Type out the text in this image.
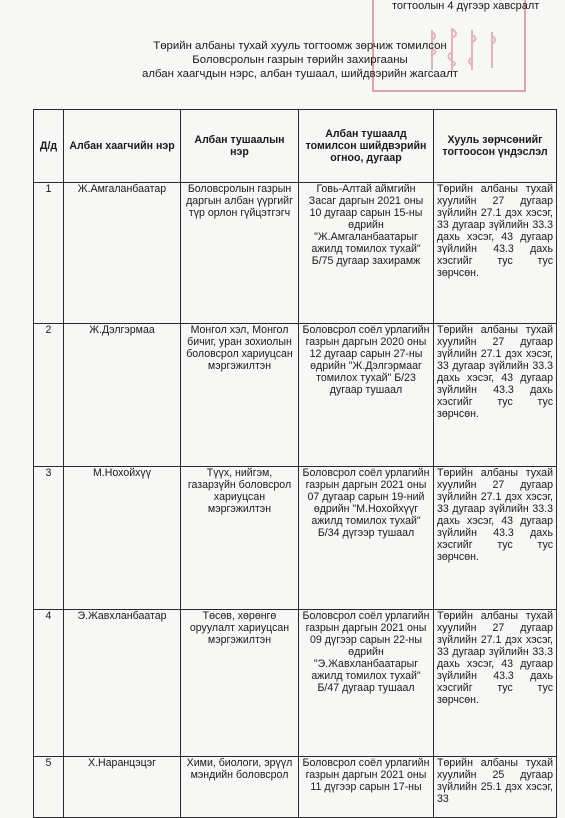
тогтоолын 4 дүгээр хавсралт
Төрийн албаны тухай хууль тогтоомж зөрчиж томилсон
Боловсролын газрын төрийн захиргааны
албан хаагчдын нэрс, албан тушаал, шийдвэрийн жагсаалт
Д/д	Албан хаагчийн нэр	Албан тушаалын нэр	Албан тушаалд томилсон шийдвэрийн огноо, дугаар	Хууль зөрчсөнийг тогтоосон үндэслэл
1	Ж.Амгаланбаатар	Боловсролын газрын даргын албан үүргийг түр орлон гүйцэтгэгч	Говь-Алтай аймгийн Засаг даргын 2021 оны 10 дугаар сарын 15-ны өдрийн "Ж.Амгаланбаатарыг ажилд томилох тухай" Б/75 дугаар захирамж	Төрийн албаны тухай хуулийн 27 дугаар зүйлийн 27.1 дэх хэсэг, 33 дугаар зүйлийн 33.3 дахь хэсэг, 43 дугаар зүйлийн 43.3 дахь хэсгийг тус тус зөрчсөн.
2	Ж.Дэлгэрмаа	Монгол хэл, Монгол бичиг, уран зохиолын боловсрол хариуцсан мэргэжилтэн	Боловсрол соёл урлагийн газрын даргын 2020 оны 12 дугаар сарын 27-ны өдрийн "Ж.Дэлгэрмааг томилох тухай" Б/23 дугаар тушаал	Төрийн албаны тухай хуулийн 27 дугаар зүйлийн 27.1 дэх хэсэг, 33 дугаар зүйлийн 33.3 дахь хэсэг, 43 дугаар зүйлийн 43.3 дахь хэсгийг тус тус зөрчсөн.
3	М.Нохойхүү	Түүх, нийгэм, газарзүйн боловсрол хариуцсан мэргэжилтэн	Боловсрол соёл урлагийн газрын даргын 2021 оны 07 дугаар сарын 19-ний өдрийн "М.Нохойхүүг ажилд томилох тухай" Б/34 дүгээр тушаал	Төрийн албаны тухай хуулийн 27 дугаар зүйлийн 27.1 дэх хэсэг, 33 дугаар зүйлийн 33.3 дахь хэсэг, 43 дугаар зүйлийн 43.3 дахь хэсгийг тус тус зөрчсөн.
4	Э.Жавхланбаатар	Төсөв, хөрөнгө оруулалт хариуцсан мэргэжилтэн	Боловсрол соёл урлагийн газрын даргын 2021 оны 09 дүгээр сарын 22-ны өдрийн "Э.Жавхланбаатарыг ажилд томилох тухай" Б/47 дугаар тушаал	Төрийн албаны тухай хуулийн 27 дугаар зүйлийн 27.1 дэх хэсэг, 33 дугаар зүйлийн 33.3 дахь хэсэг, 43 дугаар зүйлийн 43.3 дахь хэсгийг тус тус зөрчсөн.
5	Х.Наранцэцэг	Хими, биологи, эрүүл мэндийн боловсрол	Боловсрол соёл урлагийн газрын даргын 2021 оны 11 дүгээр сарын 17-ны	Төрийн албаны тухай хуулийн 25 дугаар зүйлийн 25.1 дэх хэсэг, 33
